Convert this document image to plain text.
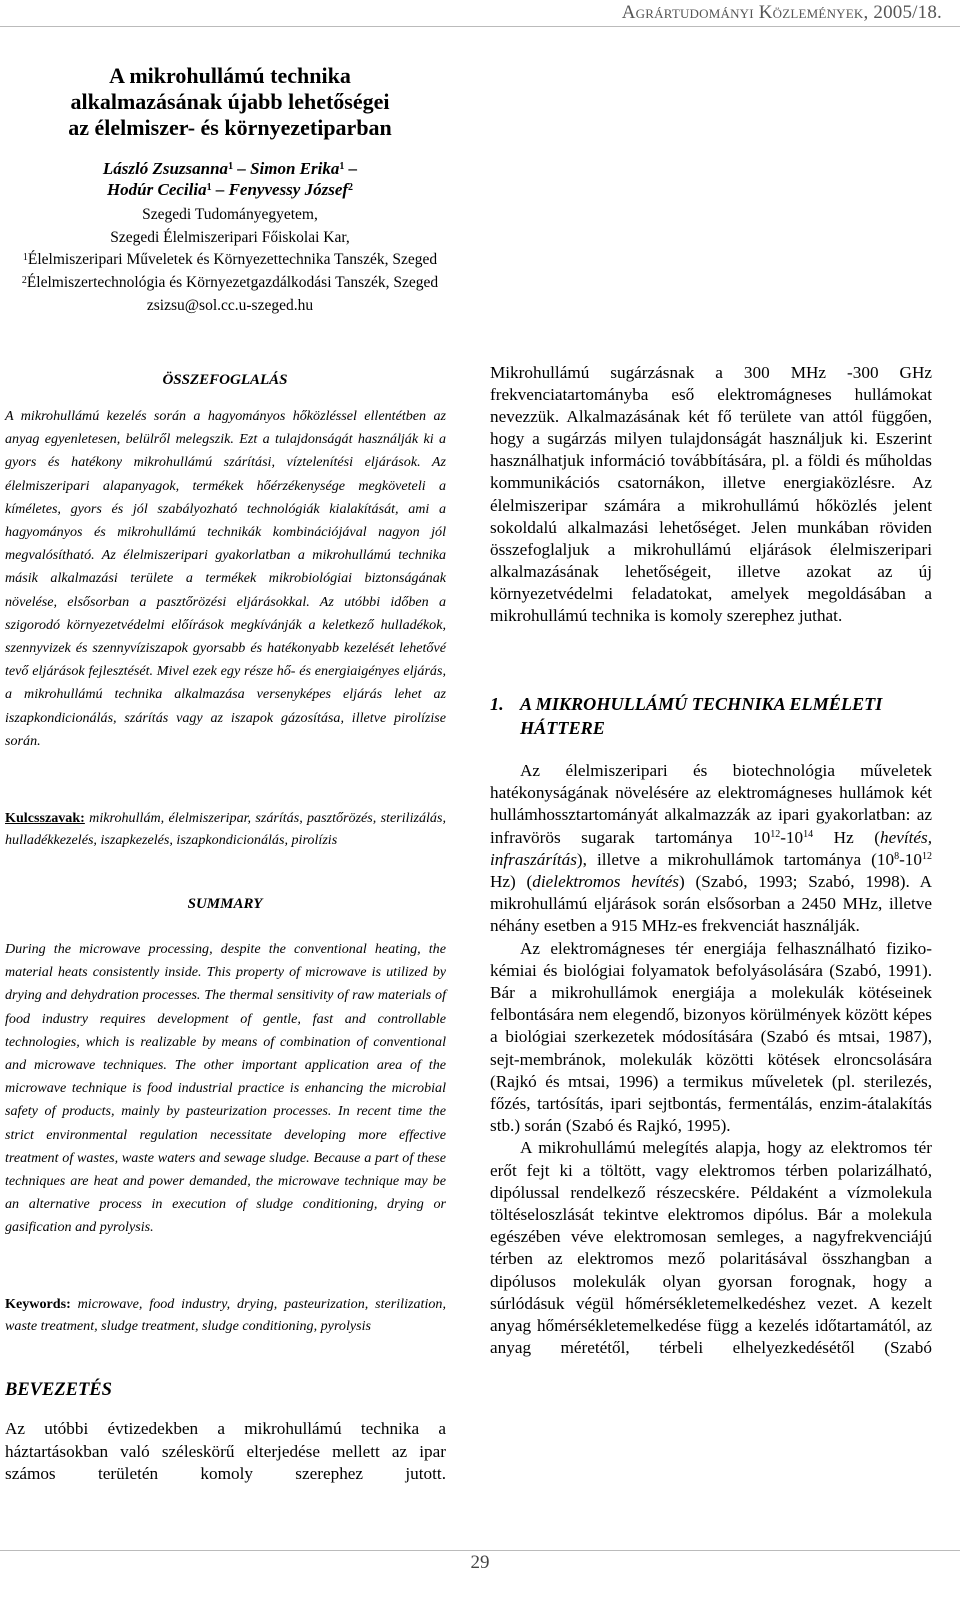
Agrártudományi Közlemények, 2005/18.
A mikrohullámú technika
alkalmazásának újabb lehetőségei
az élelmiszer- és környezetiparban
László Zsuzsanna$^1$ – Simon Erika$^1$ –
Hodúr Cecilia$^1$ – Fenyvessy József$^2$
Szegedi Tudományegyetem,
Szegedi Élelmiszeripari Főiskolai Kar,
$^1$Élelmiszeripari Műveletek és Környezettechnika Tanszék, Szeged
$^2$Élelmiszertechnológia és Környezetgazdálkodási Tanszék, Szeged
zsizsu@sol.cc.u-szeged.hu
ÖSSZEFOGLALÁS
A mikrohullámú kezelés során a hagyományos hőközléssel ellentétben az anyag egyenletesen, belülről melegszik. Ezt a tulajdonságát használják ki a gyors és hatékony mikrohullámú szárítási, víztelenítési eljárások. Az élelmiszeripari alapanyagok, termékek hőérzékenysége megköveteli a kíméletes, gyors és jól szabályozható technológiák kialakítását, ami a hagyományos és mikrohullámú technikák kombinációjával nagyon jól megvalósítható. Az élelmiszeripari gyakorlatban a mikrohullámú technika másik alkalmazási területe a termékek mikrobiológiai biztonságának növelése, elsősorban a pasztőrözési eljárásokkal. Az utóbbi időben a szigorodó környezetvédelmi előírások megkívánják a keletkező hulladékok, szennyvizek és szennyvíziszapok gyorsabb és hatékonyabb kezelését lehetővé tevő eljárások fejlesztését. Mivel ezek egy része hő- és energiaigényes eljárás, a mikrohullámú technika alkalmazása versenyképes eljárás lehet az iszapkondicionálás, szárítás vagy az iszapok gázosítása, illetve pirolízise során.
Kulcsszavak: mikrohullám, élelmiszeripar, szárítás, pasztőrözés, sterilizálás, hulladékkezelés, iszapkezelés, iszapkondicionálás, pirolízis
SUMMARY
During the microwave processing, despite the conventional heating, the material heats consistently inside. This property of microwave is utilized by drying and dehydration processes. The thermal sensitivity of raw materials of food industry requires development of gentle, fast and controllable technologies, which is realizable by means of combination of conventional and microwave techniques. The other important application area of the microwave technique is food industrial practice is enhancing the microbial safety of products, mainly by pasteurization processes. In recent time the strict environmental regulation necessitate developing more effective treatment of wastes, waste waters and sewage sludge. Because a part of these techniques are heat and power demanded, the microwave technique may be an alternative process in execution of sludge conditioning, drying or gasification and pyrolysis.
Keywords: microwave, food industry, drying, pasteurization, sterilization, waste treatment, sludge treatment, sludge conditioning, pyrolysis
BEVEZETÉS

Az utóbbi évtizedekben a mikrohullámú technika a háztartásokban való széleskörű elterjedése mellett az ipar számos területén komoly szerephez jutott.

Mikrohullámú sugárzásnak a 300 MHz -300 GHz frekvenciatartományba eső elektromágneses hullámokat nevezzük. Alkalmazásának két fő területe van attól függően, hogy a sugárzás milyen tulajdonságát használjuk ki. Eszerint használhatjuk információ továbbítására, pl. a földi és műholdas kommunikációs csatornákon, illetve energiaközlésre. Az élelmiszeripar számára a mikrohullámú hőközlés jelent sokoldalú alkalmazási lehetőséget. Jelen munkában röviden összefoglaljuk a mikrohullámú eljárások élelmiszeripari alkalmazásának lehetőségeit, illetve azokat az új környezetvédelmi feladatokat, amelyek megoldásában a mikrohullámú technika is komoly szerephez juthat.
1. A MIKROHULLÁMÚ TECHNIKA ELMÉLETI HÁTTERE

Az élelmiszeripari és biotechnológia műveletek hatékonyságának növelésére az elektromágneses hullámok két hullámhossztartományát alkalmazzák az ipari gyakorlatban: az infravörös sugarak tartománya $10^{12}-10^{14}$ Hz (hevítés, infraszárítás), illetve a mikrohullámok tartománya ($10^8-10^{12}$ Hz) (dielektromos hevítés) (Szabó, 1993; Szabó, 1998). A mikrohullámú eljárások során elsősorban a 2450 MHz, illetve néhány esetben a 915 MHz-es frekvenciát használják.

Az elektromágneses tér energiája felhasználható fiziko-kémiai és biológiai folyamatok befolyásolására (Szabó, 1991). Bár a mikrohullámok energiája a molekulák kötéseinek felbontására nem elegendő, bizonyos körülmények között képes a biológiai szerkezetek módosítására (Szabó és mtsai, 1987), sejt-membránok, molekulák közötti kötések elroncsolására (Rajkó és mtsai, 1996) a termikus műveletek (pl. sterilezés, főzés, tartósítás, ipari sejtbontás, fermentálás, enzim-átalakítás stb.) során (Szabó és Rajkó, 1995).

A mikrohullámú melegítés alapja, hogy az elektromos tér erőt fejt ki a töltött, vagy elektromos térben polarizálható, dipólussal rendelkező részecskére. Példaként a vízmolekula töltéseloszlását tekintve elektromos dipólus. Bár a molekula egészében véve elektromosan semleges, a nagyfrekvenciájú térben az elektromos mező polaritásával összhangban a dipólusos molekulák olyan gyorsan forognak, hogy a súrlódásuk végül hőmérsékletemelkedéshez vezet. A kezelt anyag hőmérsékletemelkedése függ a kezelés időtartamától, az anyag méretétől, térbeli elhelyezkedésétől (Szabó

29
